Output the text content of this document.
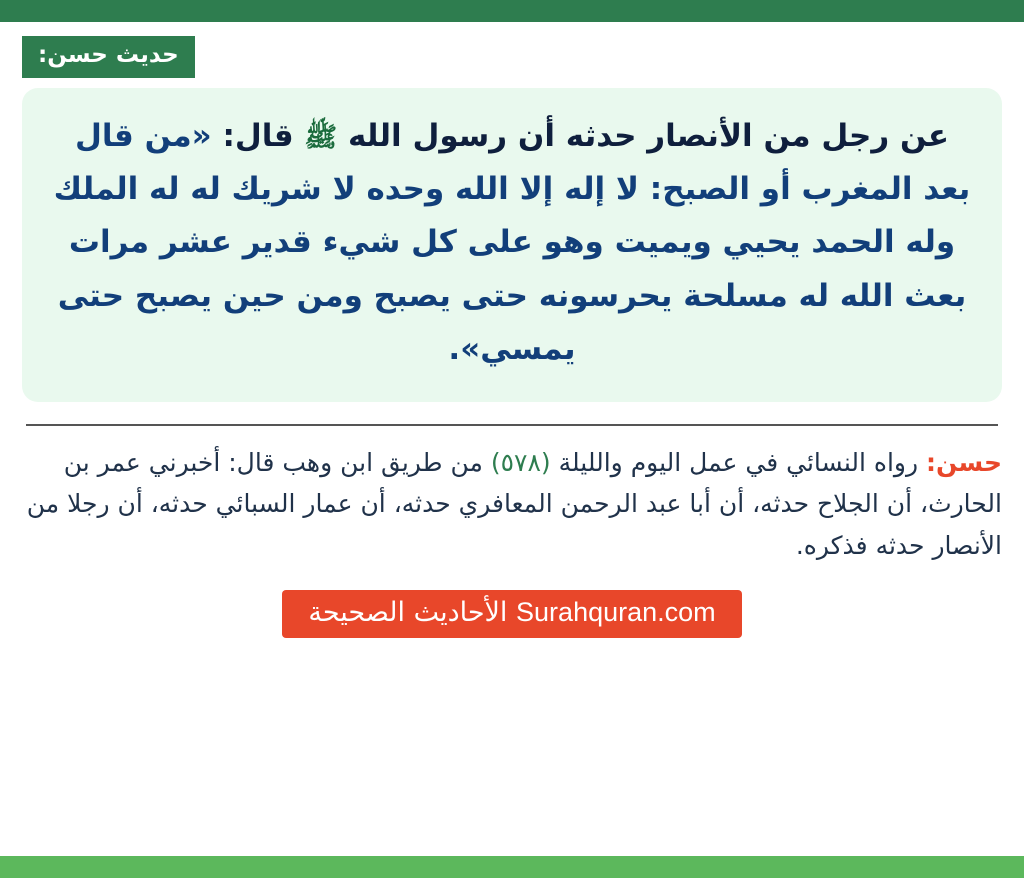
حديث حسن:
عن رجل من الأنصار حدثه أن رسول الله ﷺ قال: «من قال بعد المغرب أو الصبح: لا إله إلا الله وحده لا شريك له له الملك وله الحمد يحيي ويميت وهو على كل شيء قدير عشر مرات بعث الله له مسلحة يحرسونه حتى يصبح ومن حين يصبح حتى يمسي».
حسن: رواه النسائي في عمل اليوم والليلة (٥٧٨) من طريق ابن وهب قال: أخبرني عمر بن الحارث، أن الجلاح حدثه، أن أبا عبد الرحمن المعافري حدثه، أن عمار السبائي حدثه، أن رجلا من الأنصار حدثه فذكره.
Surahquran.com الأحاديث الصحيحة
